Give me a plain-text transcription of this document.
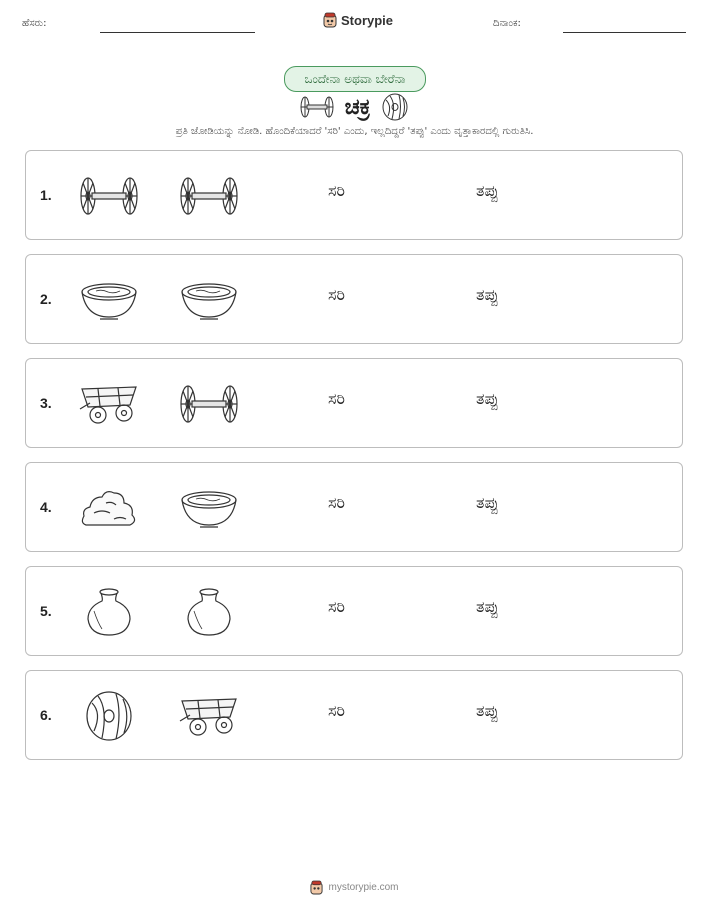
ಹೆಸರು:	Storypie	ದಿನಾಂಕ:
ಒಂದೇನಾ ಅಥವಾ ಬೇರೆನಾ
ಚಕ್ರ
ಪ್ರತಿ ಜೋಡಿಯನ್ನು ನೋಡಿ. ಹೊಂದಿಕೆಯಾದರೆ 'ಸರಿ' ಎಂದು, ಇಲ್ಲದಿದ್ದರೆ 'ತಪ್ಪು' ಎಂದು ವೃತ್ತಾಕಾರದಲ್ಲಿ ಗುರುತಿಸಿ.
1.	ಸರಿ	ತಪ್ಪು
2.	ಸರಿ	ತಪ್ಪು
3.	ಸರಿ	ತಪ್ಪು
4.	ಸರಿ	ತಪ್ಪು
5.	ಸರಿ	ತಪ್ಪು
6.	ಸರಿ	ತಪ್ಪು
mystorypie.com
